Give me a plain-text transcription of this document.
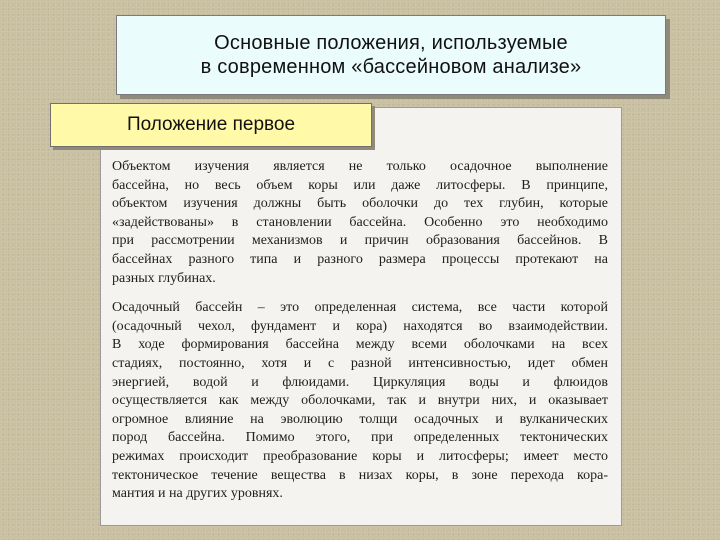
Основные положения, используемые
в современном «бассейновом анализе»
Положение первое

Объектом изучения является не только осадочное выполнение
бассейна, но весь объем коры или даже литосферы. В принципе,
объектом изучения должны быть оболочки до тех глубин, которые
«задействованы» в становлении бассейна. Особенно это необходимо
при рассмотрении механизмов и причин образования бассейнов. В
бассейнах разного типа и разного размера процессы протекают на
разных глубинах.

Осадочный бассейн – это определенная система, все части которой
(осадочный чехол, фундамент и кора) находятся во взаимодействии.
В ходе формирования бассейна между всеми оболочками на всех
стадиях, постоянно, хотя и с разной интенсивностью, идет обмен
энергией, водой и флюидами. Циркуляция воды и флюидов
осуществляется как между оболочками, так и внутри них, и оказывает
огромное влияние на эволюцию толщи осадочных и вулканических
пород бассейна. Помимо этого, при определенных тектонических
режимах происходит преобразование коры и литосферы; имеет место
тектоническое течение вещества в низах коры, в зоне перехода кора-
мантия и на других уровнях.
